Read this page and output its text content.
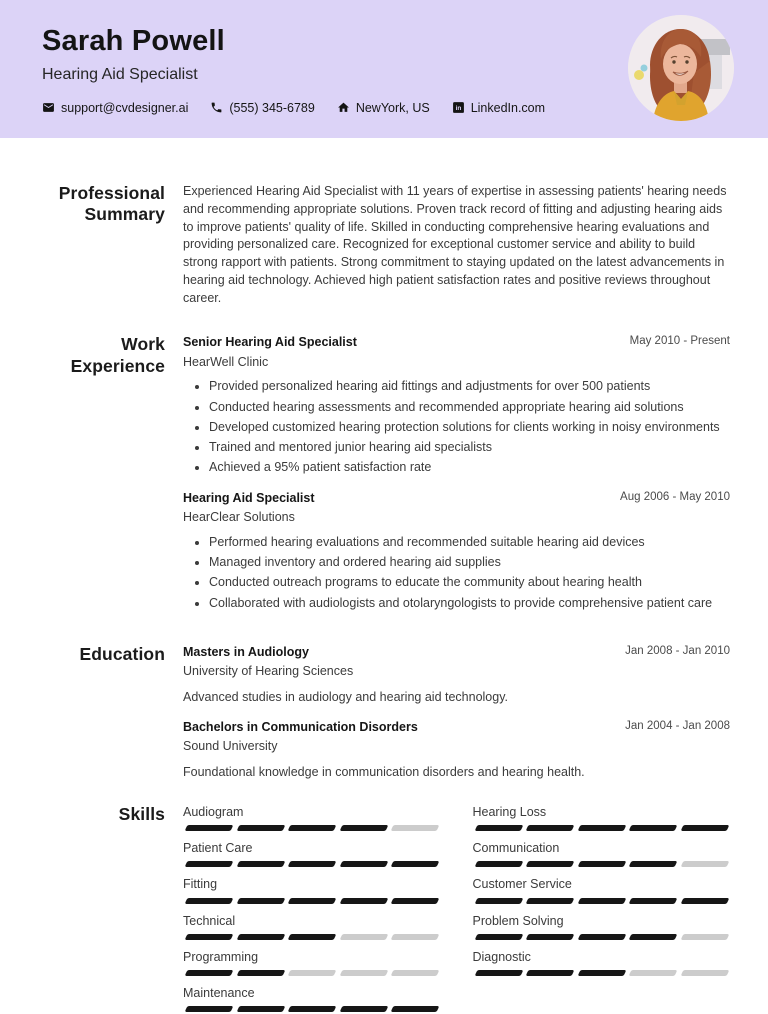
Sarah Powell
Hearing Aid Specialist
support@cvdesigner.ai	(555) 345-6789	NewYork, US in LinkedIn.com
Professional
Summary

Experienced Hearing Aid Specialist with 11 years of expertise in assessing patients' hearing needs and recommending appropriate solutions. Proven track record of fitting and adjusting hearing aids to improve patients' quality of life. Skilled in conducting comprehensive hearing evaluations and providing personalized care. Recognized for exceptional customer service and ability to build strong rapport with patients. Strong commitment to staying updated on the latest advancements in hearing aid technology. Achieved high patient satisfaction rates and positive reviews throughout career.

Work
Experience
Senior Hearing Aid Specialist
HearWell Clinic
May 2010 - Present
• Provided personalized hearing aid fittings and adjustments for over 500 patients
• Conducted hearing assessments and recommended appropriate hearing aid solutions
• Developed customized hearing protection solutions for clients working in noisy environments
• Trained and mentored junior hearing aid specialists
• Achieved a 95% patient satisfaction rate
Hearing Aid Specialist
HearClear Solutions
Aug 2006 - May 2010
• Performed hearing evaluations and recommended suitable hearing aid devices
• Managed inventory and ordered hearing aid supplies
• Conducted outreach programs to educate the community about hearing health
• Collaborated with audiologists and otolaryngologists to provide comprehensive patient care
Education Masters in Audiology
University of Hearing Sciences
Jan 2008 - Jan 2010

Advanced studies in audiology and hearing aid technology.

Bachelors in Communication Disorders
Sound University
Jan 2004 - Jan 2008

Foundational knowledge in communication disorders and hearing health.

Skills Audiogram
Patient Care
Fitting
Technical
Programming
Maintenance
Hearing Loss
Communication
Customer Service
Problem Solving
Diagnostic
